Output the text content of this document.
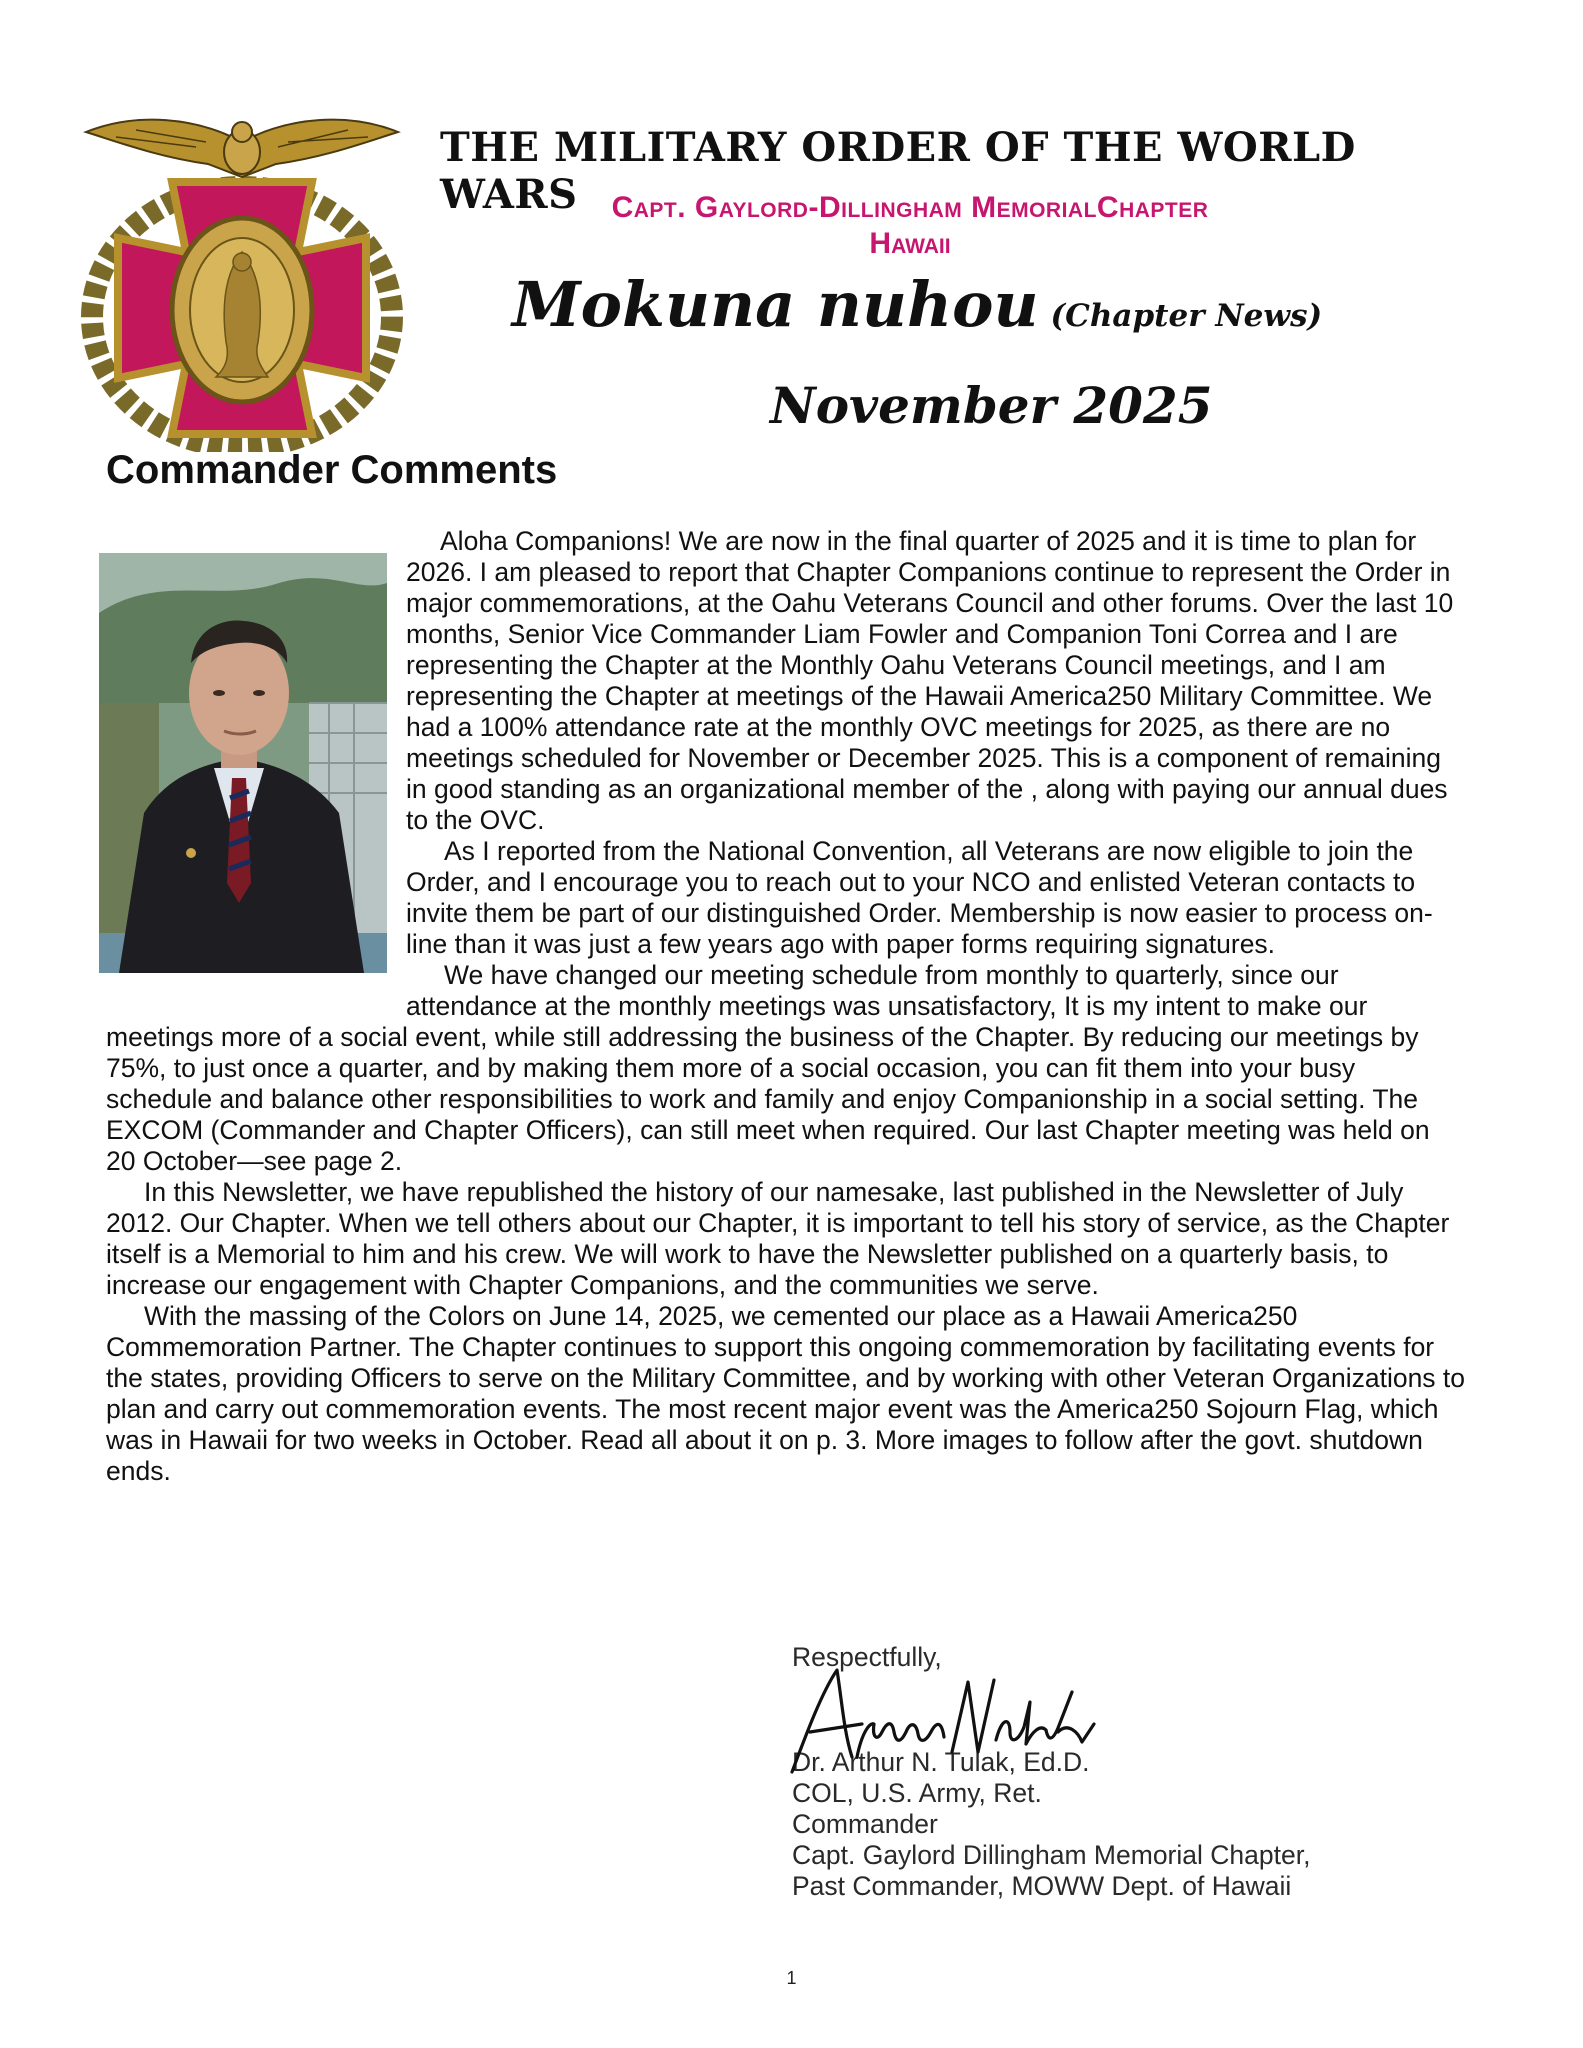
THE MILITARY ORDER OF THE WORLD WARS	Capt. Gaylord-Dillingham MemorialChapter
Hawaii
Mokuna nuhou (Chapter News)
November 2025
Commander Comments

Aloha Companions! We are now in the final quarter of 2025 and it is time to plan for 2026. I am pleased to report that Chapter Companions continue to represent the Order in major commemorations, at the Oahu Veterans Council and other forums. Over the last 10 months, Senior Vice Commander Liam Fowler and Companion Toni Correa and I are representing the Chapter at the Monthly Oahu Veterans Council meetings, and I am representing the Chapter at meetings of the Hawaii America250 Military Committee. We had a 100% attendance rate at the monthly OVC meetings for 2025, as there are no meetings scheduled for November or December 2025. This is a component of remaining in good standing as an organizational member of the , along with paying our annual dues to the OVC.

As I reported from the National Convention, all Veterans are now eligible to join the Order, and I encourage you to reach out to your NCO and enlisted Veteran contacts to invite them be part of our distinguished Order. Membership is now easier to process on-line than it was just a few years ago with paper forms requiring signatures.

We have changed our meeting schedule from monthly to quarterly, since our attendance at the monthly meetings was unsatisfactory, It is my intent to make our meetings more of a social event, while still addressing the business of the Chapter. By reducing our meetings by 75%, to just once a quarter, and by making them more of a social occasion, you can fit them into your busy schedule and balance other responsibilities to work and family and enjoy Companionship in a social setting. The EXCOM (Commander and Chapter Officers), can still meet when required. Our last Chapter meeting was held on 20 October—see page 2.

In this Newsletter, we have republished the history of our namesake, last published in the Newsletter of July 2012. Our Chapter. When we tell others about our Chapter, it is important to tell his story of service, as the Chapter itself is a Memorial to him and his crew. We will work to have the Newsletter published on a quarterly basis, to increase our engagement with Chapter Companions, and the communities we serve.

With the massing of the Colors on June 14, 2025, we cemented our place as a Hawaii America250 Commemoration Partner. The Chapter continues to support this ongoing commemoration by facilitating events for the states, providing Officers to serve on the Military Committee, and by working with other Veteran Organizations to plan and carry out commemoration events. The most recent major event was the America250 Sojourn Flag, which was in Hawaii for two weeks in October. Read all about it on p. 3. More images to follow after the govt. shutdown ends.

Respectfully,
Dr. Arthur N. Tulak, Ed.D.
COL, U.S. Army, Ret.
Commander
Capt. Gaylord Dillingham Memorial Chapter,
Past Commander, MOWW Dept. of Hawaii
1
